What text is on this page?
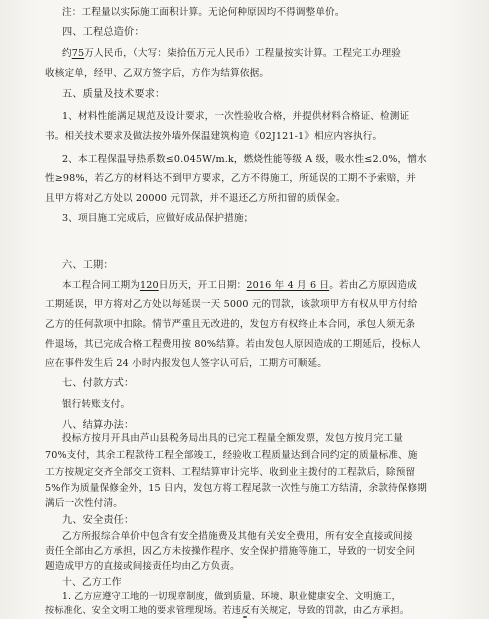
注：工程量以实际施工面积计算。无论何种原因均不得调整单价。
四、工程总造价：
约75万人民币，（大写：柒拾伍万元人民币）工程量按实计算。工程完工办理验
收核定单，经甲、乙双方签字后，方作为结算依据。
五、质量及技术要求：
1、材料性能满足规范及设计要求，一次性验收合格，并提供材料合格证、检测证
书。相关技术要求及做法按外墙外保温建筑构造《02J121-1》相应内容执行。
2、本工程保温导热系数≤0.045W/m.k，燃烧性能等级 A 级，吸水性≤2.0%，憎水
性≥98%，若乙方的材料达不到甲方要求，乙方不得施工，所延误的工期不予索赔，并
且甲方将对乙方处以 20000 元罚款，并不退还乙方所扣留的质保金。
3、项目施工完成后，应做好成品保护措施；
六、工期：
本工程合同工期为120日历天，开工日期：2016 年 4 月 6 日。若由乙方原因造成
工期延误，甲方将对乙方处以每延误一天 5000 元的罚款，该款项甲方有权从甲方付给
乙方的任何款项中扣除。情节严重且无改进的，发包方有权终止本合同，承包人须无条
件退场，其已完成合格工程费用按 80%结算。若由发包人原因造成的工期延后，投标人
应在事件发生后 24 小时内报发包人签字认可后，工期方可顺延。
七、付款方式：
银行转账支付。
八、结算办法：
投标方按月开具由芦山县税务局出具的已完工程量全额发票，发包方按月完工量
70%支付，其余工程款待工程全部竣工，经验收工程质量达到合同约定的质量标准、施
工方按规定交齐全部交工资料、工程结算审计完毕、收到业主拨付的工程款后，除预留
5%作为质量保修金外，15 日内，发包方将工程尾款一次性与施工方结清，余款待保修期
满后一次性付清。
九、安全责任：
乙方所报综合单价中包含有安全措施费及其他有关安全费用，所有安全直接或间接
责任全部由乙方承担，因乙方未按操作程序、安全保护措施等施工，导致的一切安全问
题造成甲方的直接或间接责任均由乙方负责。
十、乙方工作
1. 乙方应遵守工地的一切现章制度，做到质量、环境、职业健康安全、文明施工，
按标准化、安全文明工地的要求管理现场。若违反有关规定，导致的罚款，由乙方承担。
